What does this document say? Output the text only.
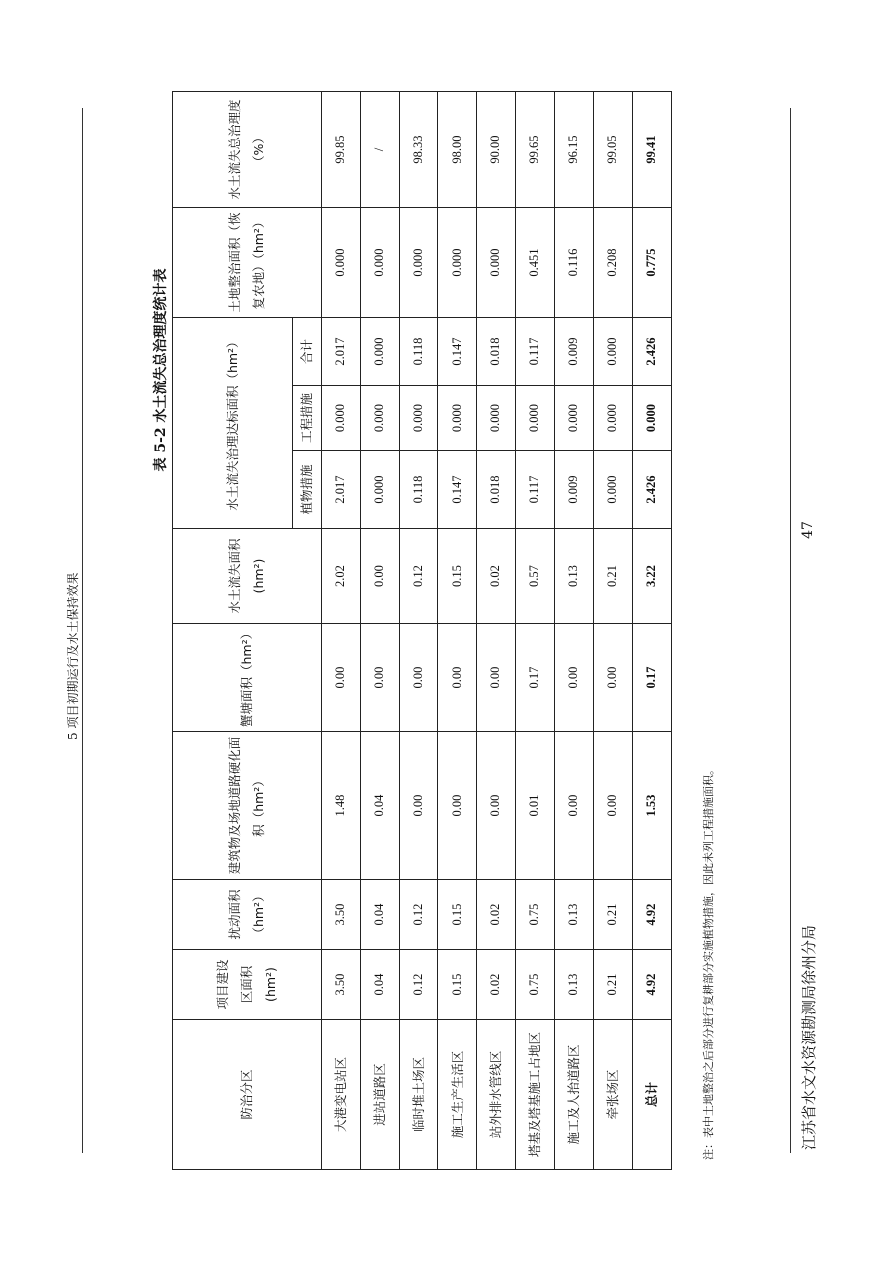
5 项目初期运行及水土保持效果
表 5-2 水土流失总治理度统计表
防治分区	项目建设区面积(hm²)	扰动面积（hm²）	建筑物及场地道路硬化面积（hm²）	蟹塘面积（hm²）	水土流失面积(hm²)	水土流失治理达标面积（hm²）			土地整治面积（恢复农地）（hm²）	水土流失总治理度（%）
						植物措施	工程措施	合计		
大港变电站区	3.50	3.50	1.48	0.00	2.02	2.017	0.000	2.017	0.000	99.85
进站道路区	0.04	0.04	0.04	0.00	0.00	0.000	0.000	0.000	0.000	/
临时堆土场区	0.12	0.12	0.00	0.00	0.12	0.118	0.000	0.118	0.000	98.33
施工生产生活区	0.15	0.15	0.00	0.00	0.15	0.147	0.000	0.147	0.000	98.00
站外排水管线区	0.02	0.02	0.00	0.00	0.02	0.018	0.000	0.018	0.000	90.00
塔基及塔基施工占地区	0.75	0.75	0.01	0.17	0.57	0.117	0.000	0.117	0.451	99.65
施工及人抬道路区	0.13	0.13	0.00	0.00	0.13	0.009	0.000	0.009	0.116	96.15
牵张场区	0.21	0.21	0.00	0.00	0.21	0.000	0.000	0.000	0.208	99.05
总计	4.92	4.92	1.53	0.17	3.22	2.426	0.000	2.426	0.775	99.41
注：表中土地整治之后部分进行复耕部分实施植物措施，因此未列工程措施面积。
47
江苏省水文水资源勘测局徐州分局
